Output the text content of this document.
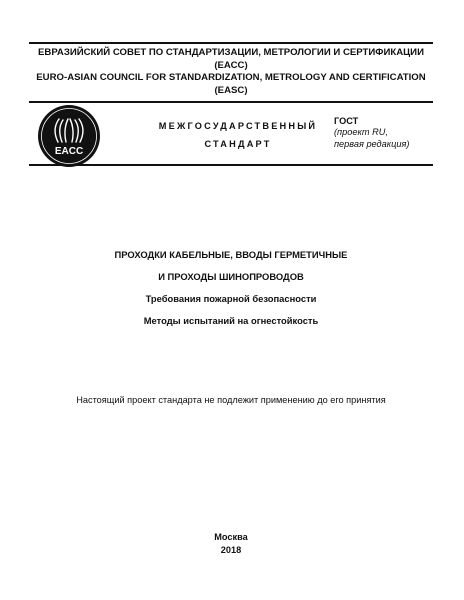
ЕВРАЗИЙСКИЙ СОВЕТ ПО СТАНДАРТИЗАЦИИ, МЕТРОЛОГИИ И СЕРТИФИКАЦИИ
(ЕАСС)
EURO-ASIAN COUNCIL FOR STANDARDIZATION, METROLOGY AND CERTIFICATION
(EASC)
EACC
МЕЖГОСУДАРСТВЕННЫЙ
СТАНДАРТ
ГОСТ
(проект RU,
первая редакция)
ПРОХОДКИ КАБЕЛЬНЫЕ, ВВОДЫ ГЕРМЕТИЧНЫЕ
И ПРОХОДЫ ШИНОПРОВОДОВ
Требования пожарной безопасности
Методы испытаний на огнестойкость
Настоящий проект стандарта не подлежит применению до его принятия
Москва
2018
